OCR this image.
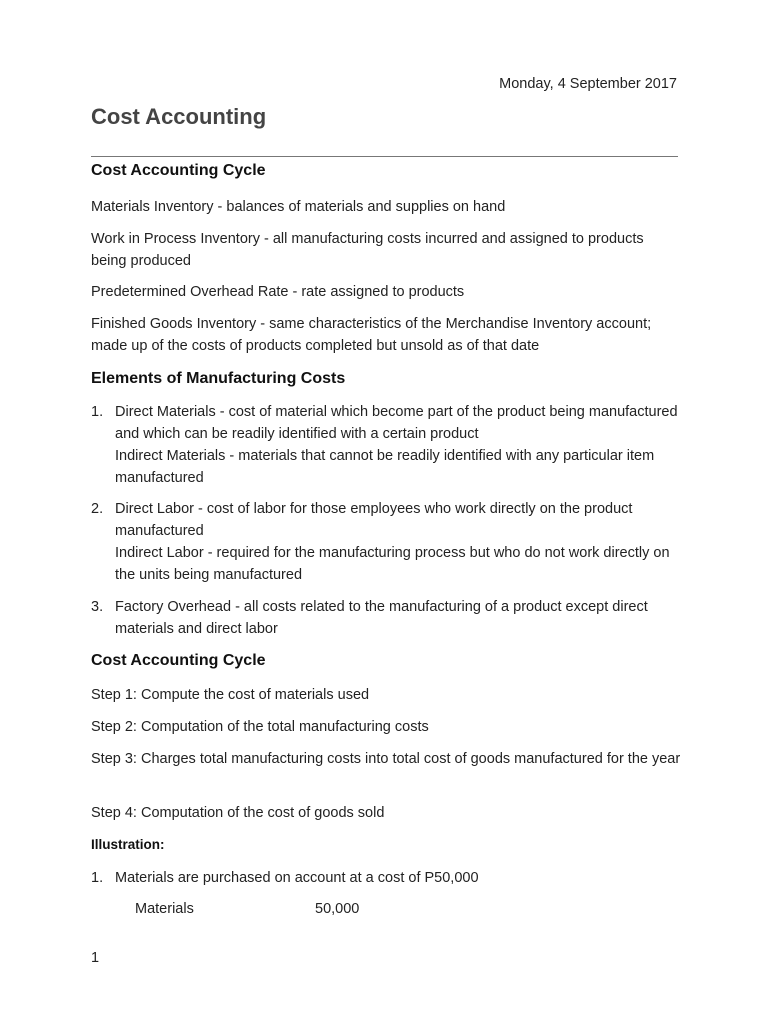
Monday, 4 September 2017
Cost Accounting
Cost Accounting Cycle

Materials Inventory - balances of materials and supplies on hand

Work in Process Inventory - all manufacturing costs incurred and assigned to products being produced

Predetermined Overhead Rate - rate assigned to products

Finished Goods Inventory - same characteristics of the Merchandise Inventory account; made up of the costs of products completed but unsold as of that date

Elements of Manufacturing Costs
1. Direct Materials - cost of material which become part of the product being manufactured and which can be readily identified with a certain product
Indirect Materials - materials that cannot be readily identified with any particular item manufactured
2. Direct Labor - cost of labor for those employees who work directly on the product manufactured
Indirect Labor - required for the manufacturing process but who do not work directly on the units being manufactured
3. Factory Overhead - all costs related to the manufacturing of a product except direct materials and direct labor
Cost Accounting Cycle

Step 1: Compute the cost of materials used

Step 2: Computation of the total manufacturing costs

Step 3: Charges total manufacturing costs into total cost of goods manufactured for the year

Step 4: Computation of the cost of goods sold

Illustration:
1. Materials are purchased on account at a cost of P50,000
Materials	50,000
1
